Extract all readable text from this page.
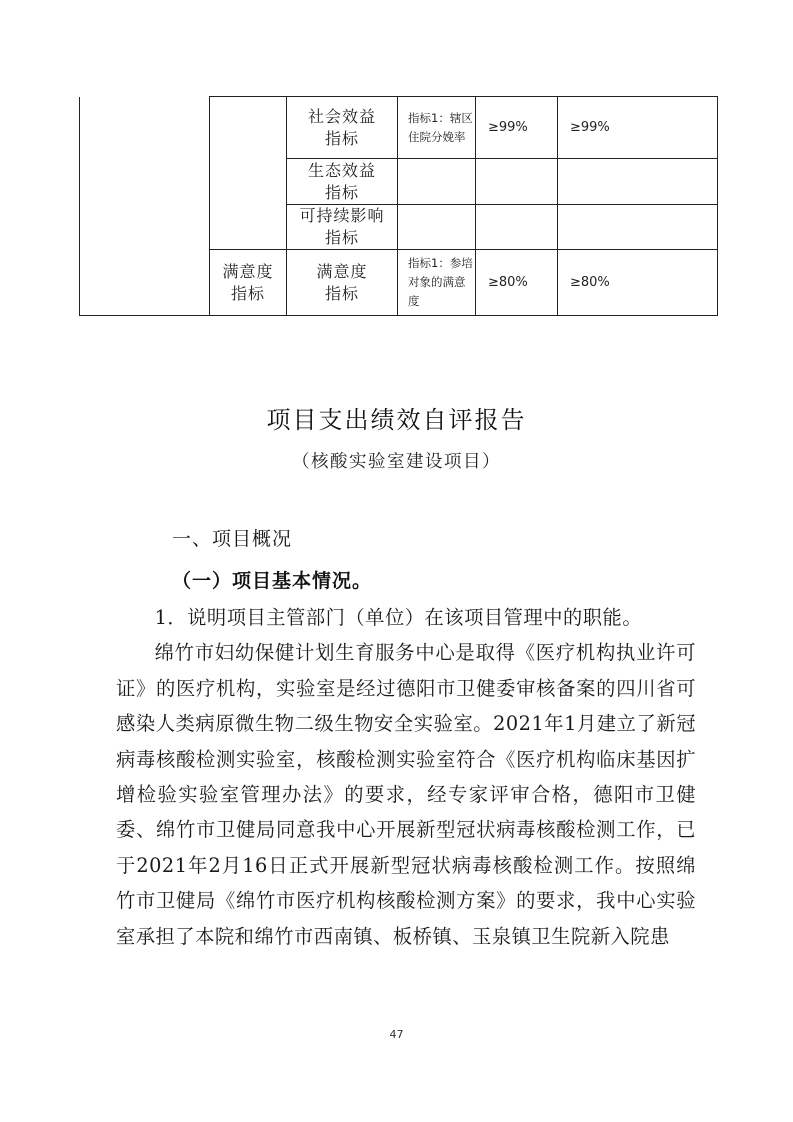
		社会效益指标	指标1：辖区住院分娩率	≥99%	≥99%
		生态效益指标			
		可持续影响指标			
	满意度指标	满意度指标	指标1：参培对象的满意度	≥80%	≥80%
项目支出绩效自评报告
（核酸实验室建设项目）
一、项目概况
（一）项目基本情况。

1．说明项目主管部门（单位）在该项目管理中的职能。

绵竹市妇幼保健计划生育服务中心是取得《医疗机构执业许可证》的医疗机构，实验室是经过德阳市卫健委审核备案的四川省可感染人类病原微生物二级生物安全实验室。2021年1月建立了新冠病毒核酸检测实验室，核酸检测实验室符合《医疗机构临床基因扩增检验实验室管理办法》的要求，经专家评审合格，德阳市卫健委、绵竹市卫健局同意我中心开展新型冠状病毒核酸检测工作，已于2021年2月16日正式开展新型冠状病毒核酸检测工作。按照绵竹市卫健局《绵竹市医疗机构核酸检测方案》的要求，我中心实验室承担了本院和绵竹市西南镇、板桥镇、玉泉镇卫生院新入院患

47
